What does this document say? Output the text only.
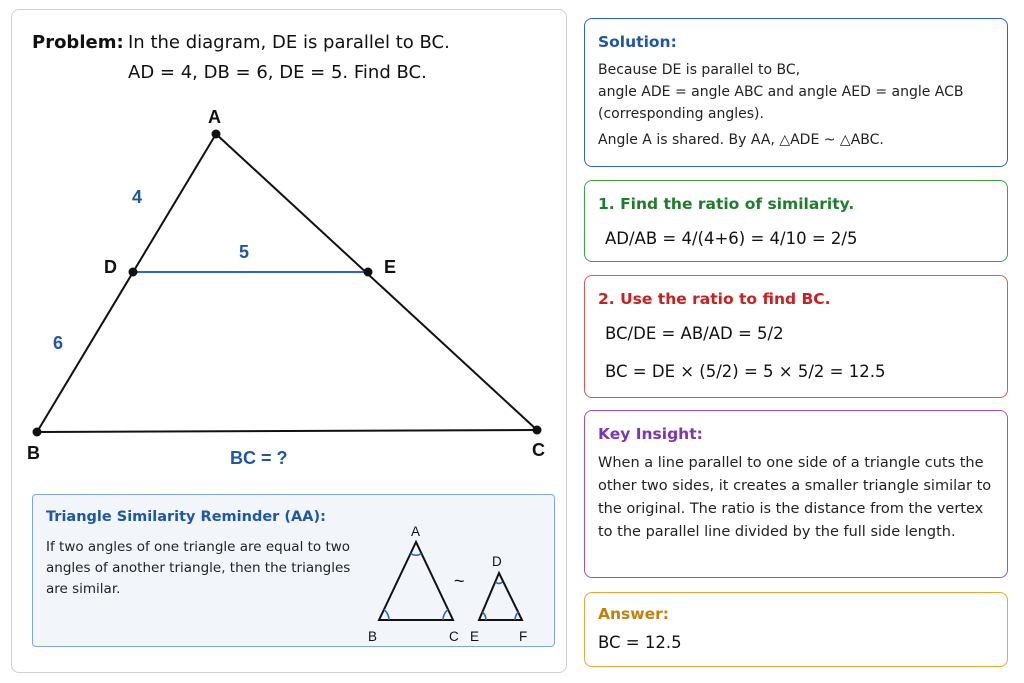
Problem: In the diagram, DE is parallel to BC.
AD = 4, DB = 6, DE = 5. Find BC.
A
D	E
B	C
4
6
5
BC = ?
Triangle Similarity Reminder (AA):
If two angles of one triangle are equal to two angles of another triangle, then the triangles are similar.
A
B	C
~
D
E	F
Solution:

Because DE is parallel to BC,

angle ADE = angle ABC and angle AED = angle ACB (corresponding angles).

Angle A is shared. By AA, △ADE ~ △ABC.

1. Find the ratio of similarity.
AD/AB = 4/(4+6) = 4/10 = 2/5
2. Use the ratio to find BC.
BC/DE = AB/AD = 5/2
BC = DE × (5/2) = 5 × 5/2 = 12.5
Key Insight:
When a line parallel to one side of a triangle cuts the other two sides, it creates a smaller triangle similar to the original. The ratio is the distance from the vertex to the parallel line divided by the full side length.
Answer:
BC = 12.5
